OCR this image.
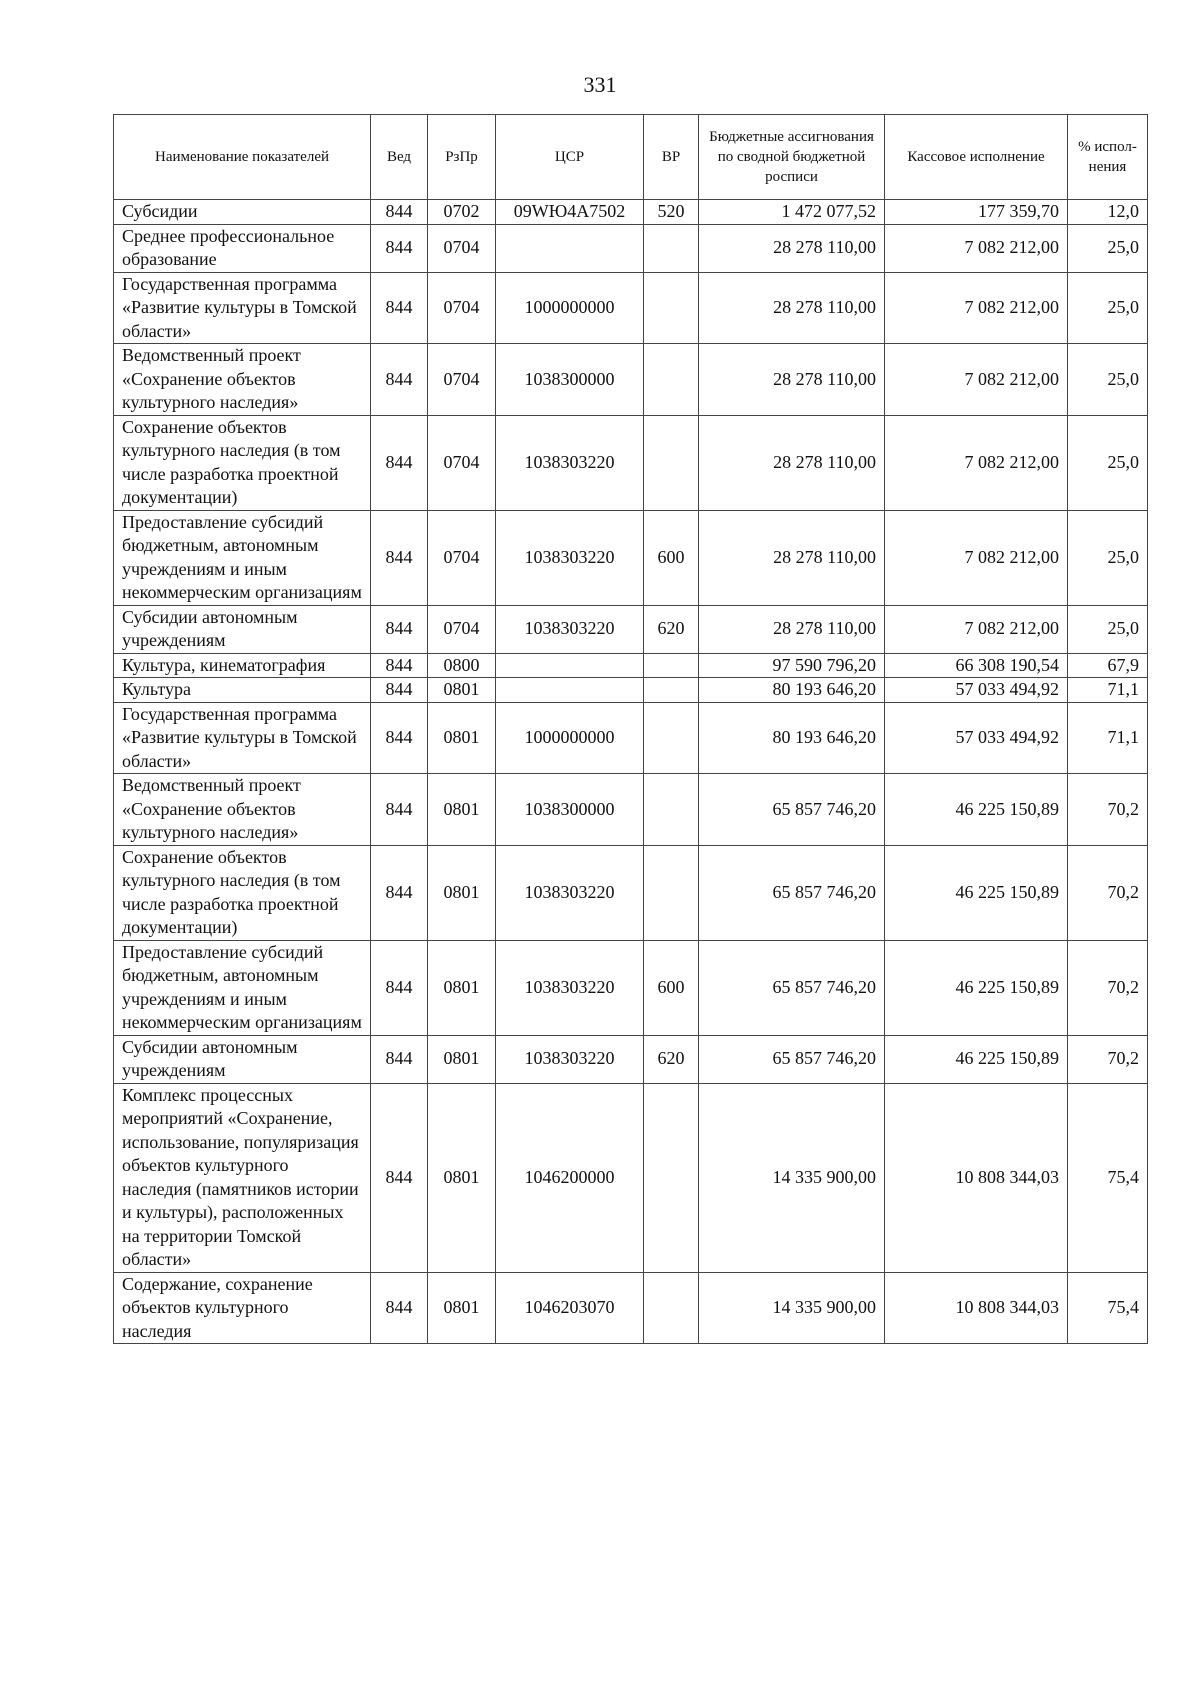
331
Наименование показателей	Вед	РзПр	ЦСР	ВР	Бюджетные ассигнования по сводной бюджетной росписи	Кассовое исполнение	% испол-нения
Субсидии	844	0702	09WЮ4A7502	520	1 472 077,52	177 359,70	12,0
Среднее профессиональное образование	844	0704			28 278 110,00	7 082 212,00	25,0
Государственная программа «Развитие культуры в Томской области»	844	0704	1000000000		28 278 110,00	7 082 212,00	25,0
Ведомственный проект «Сохранение объектов культурного наследия»	844	0704	1038300000		28 278 110,00	7 082 212,00	25,0
Сохранение объектов культурного наследия (в том числе разработка проектной документации)	844	0704	1038303220		28 278 110,00	7 082 212,00	25,0
Предоставление субсидий бюджетным, автономным учреждениям и иным некоммерческим организациям	844	0704	1038303220	600	28 278 110,00	7 082 212,00	25,0
Субсидии автономным учреждениям	844	0704	1038303220	620	28 278 110,00	7 082 212,00	25,0
Культура, кинематография	844	0800			97 590 796,20	66 308 190,54	67,9
Культура	844	0801			80 193 646,20	57 033 494,92	71,1
Государственная программа «Развитие культуры в Томской области»	844	0801	1000000000		80 193 646,20	57 033 494,92	71,1
Ведомственный проект «Сохранение объектов культурного наследия»	844	0801	1038300000		65 857 746,20	46 225 150,89	70,2
Сохранение объектов культурного наследия (в том числе разработка проектной документации)	844	0801	1038303220		65 857 746,20	46 225 150,89	70,2
Предоставление субсидий бюджетным, автономным учреждениям и иным некоммерческим организациям	844	0801	1038303220	600	65 857 746,20	46 225 150,89	70,2
Субсидии автономным учреждениям	844	0801	1038303220	620	65 857 746,20	46 225 150,89	70,2
Комплекс процессных мероприятий «Сохранение, использование, популяризация объектов культурного наследия (памятников истории и культуры), расположенных на территории Томской области»	844	0801	1046200000		14 335 900,00	10 808 344,03	75,4
Содержание, сохранение объектов культурного наследия	844	0801	1046203070		14 335 900,00	10 808 344,03	75,4
